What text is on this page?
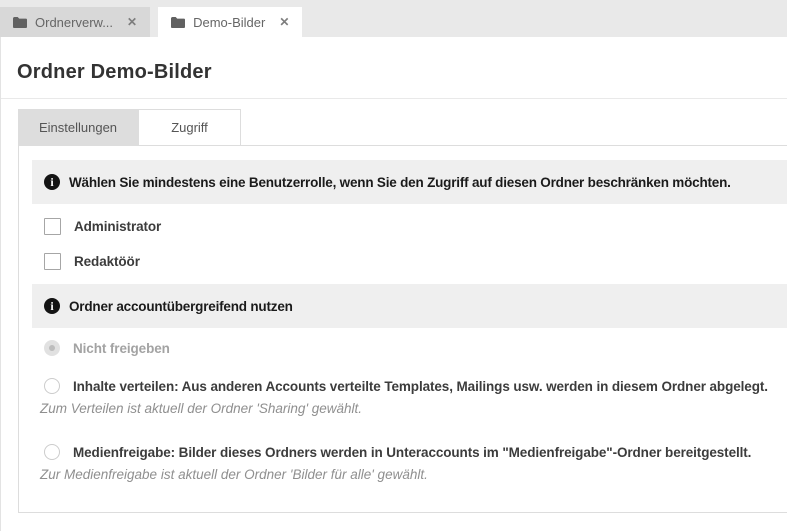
Ordnerverw... ✕	Demo-Bilder ✕
Ordner Demo-Bilder
Einstellungen	Zugriff
i	Wählen Sie mindestens eine Benutzerrolle, wenn Sie den Zugriff auf diesen Ordner beschränken möchten.
Administrator
Redaktöör
i	Ordner accountübergreifend nutzen
Nicht freigeben
Inhalte verteilen: Aus anderen Accounts verteilte Templates, Mailings usw. werden in diesem Ordner abgelegt.
Zum Verteilen ist aktuell der Ordner 'Sharing' gewählt.
Medienfreigabe: Bilder dieses Ordners werden in Unteraccounts im "Medienfreigabe"-Ordner bereitgestellt.
Zur Medienfreigabe ist aktuell der Ordner 'Bilder für alle' gewählt.
